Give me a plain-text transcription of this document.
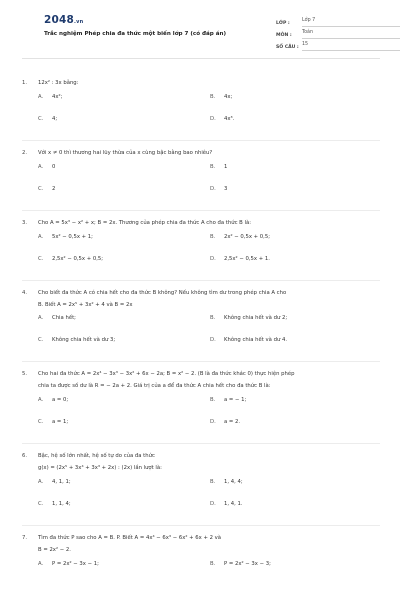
2048.vn
Trắc nghiệm Phép chia đa thức một biến lớp 7 (có đáp án)
LỚP :	Lớp 7
MÔN :	Toán
SỐ CÂU : 15
1.	12x² : 3x bằng:

A.	4x²;	B.	4x;
C.	4;	D.	4x³.
2.	Với x ≠ 0 thì thương hai lũy thừa của x cùng bậc bằng bao nhiêu?

A.	0	B.	1
C.	2	D.	3
3.	Cho A = 5x³ − x² + x; B = 2x. Thương của phép chia đa thức A cho đa thức B là:

A.	5x² − 0,5x + 1;	B.	2x² − 0,5x + 0,5;
C.	2,5x² − 0,5x + 0,5;	D.	2,5x² − 0,5x + 1.
4.	Cho biết đa thức A có chia hết cho đa thức B không? Nếu không tìm dư trong phép chia A cho

B. Biết A = 2x⁵ + 3x² + 4 và B = 2x

A.	Chia hết;	B.	Không chia hết và dư 2;
C.	Không chia hết và dư 3;	D.	Không chia hết và dư 4.
5.	Cho hai đa thức A = 2x⁴ − 3x³ − 3x² + 6x − 2a; B = x² − 2. (B là đa thức khác 0) thực hiện phép

chia ta được số dư là R = − 2a + 2. Giá trị của a để đa thức A chia hết cho đa thức B là:

A.	a = 0;	B.	a = − 1;
C.	a = 1;	D.	a = 2.
6.	Bậc, hệ số lớn nhất, hệ số tự do của đa thức

g(x) = (2x⁵ + 3x⁴ + 3x³ + 2x) : (2x) lần lượt là:

A.	4, 1, 1;	B.	1, 4, 4;
C.	1, 1, 4;	D.	1, 4, 1.
7.	Tìm đa thức P sao cho A = B. P. Biết A = 4x⁴ − 6x³ − 6x² + 6x + 2 và

B = 2x² − 2.

A.	P = 2x² − 3x − 1;	B.	P = 2x² − 3x − 3;
